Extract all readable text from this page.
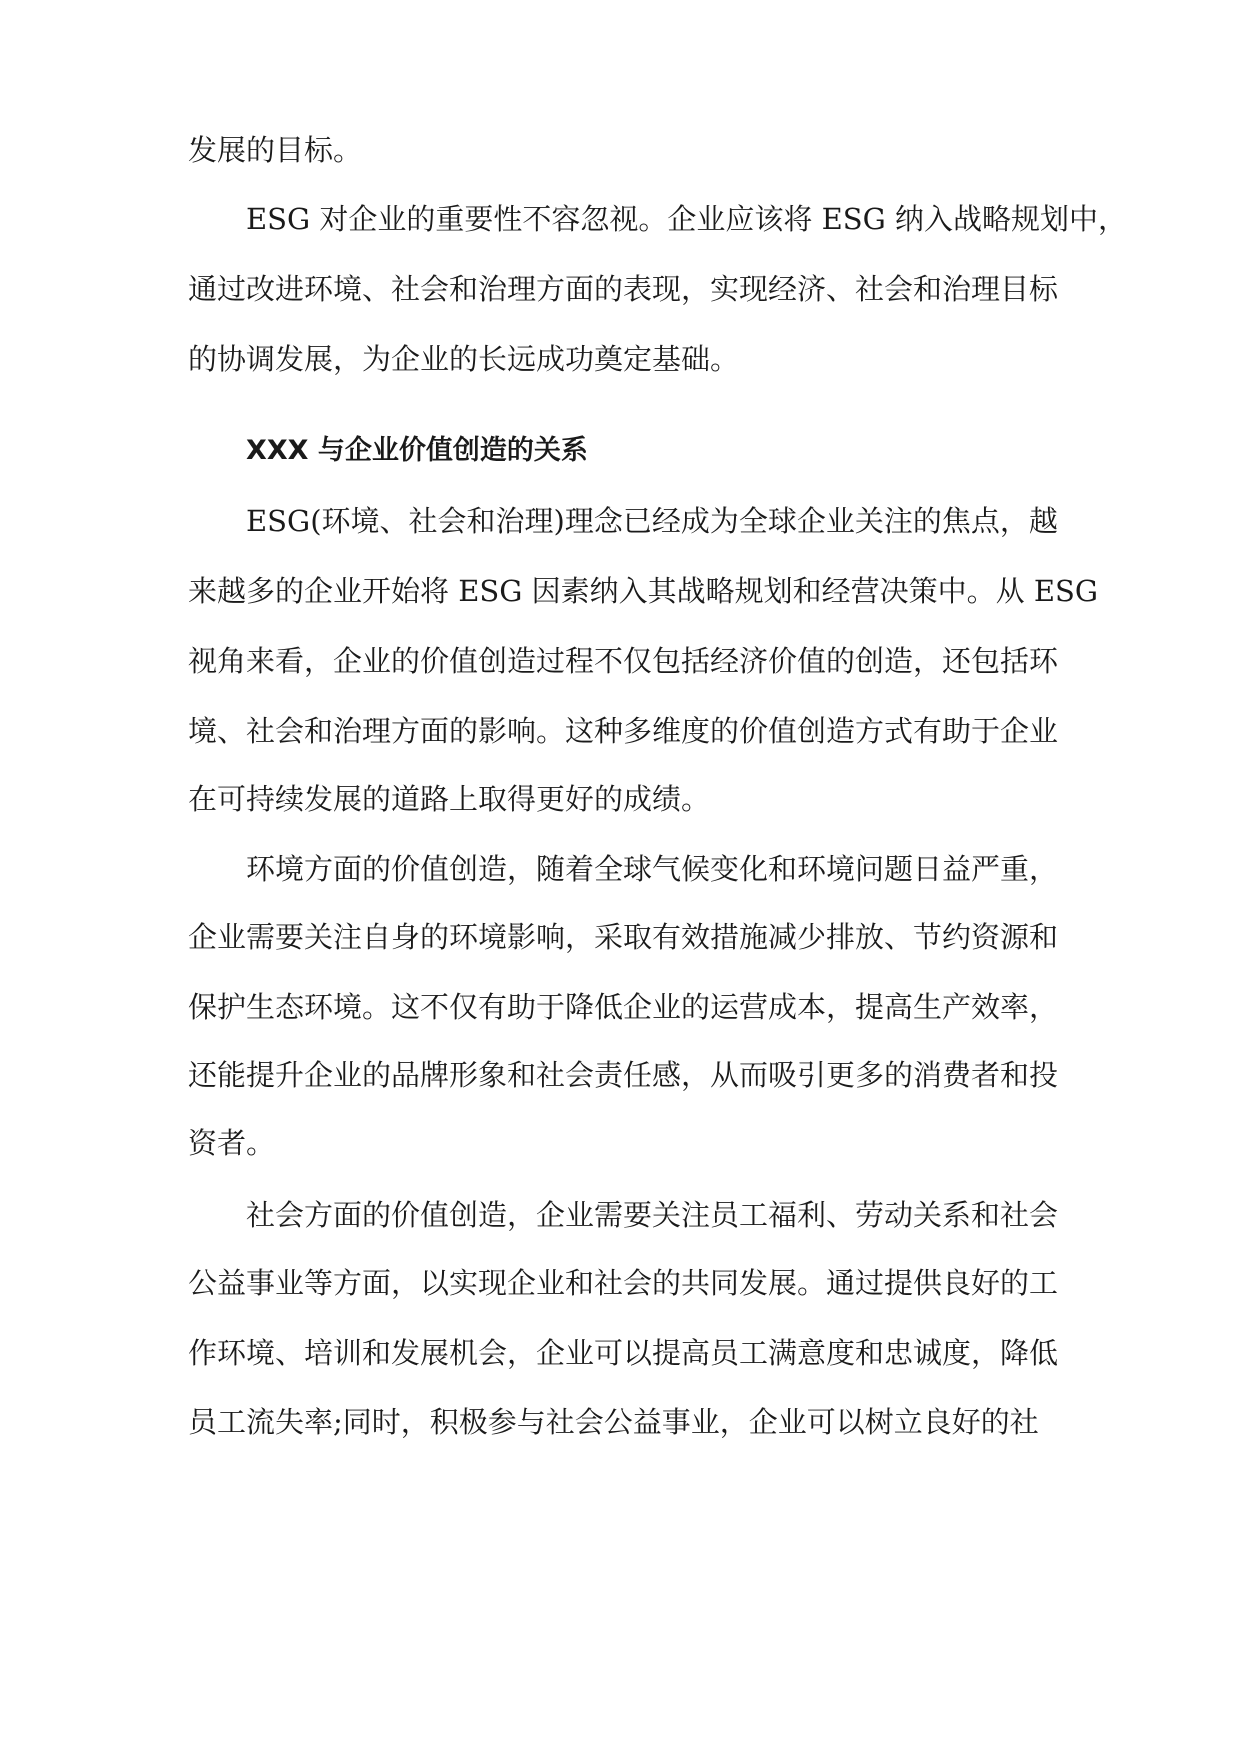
发展的目标。
ESG 对企业的重要性不容忽视。企业应该将 ESG 纳入战略规划中，
通过改进环境、社会和治理方面的表现，实现经济、社会和治理目标
的协调发展，为企业的长远成功奠定基础。
XXX 与企业价值创造的关系
ESG(环境、社会和治理)理念已经成为全球企业关注的焦点，越
来越多的企业开始将 ESG 因素纳入其战略规划和经营决策中。从 ESG
视角来看，企业的价值创造过程不仅包括经济价值的创造，还包括环
境、社会和治理方面的影响。这种多维度的价值创造方式有助于企业
在可持续发展的道路上取得更好的成绩。
环境方面的价值创造，随着全球气候变化和环境问题日益严重，
企业需要关注自身的环境影响，采取有效措施减少排放、节约资源和
保护生态环境。这不仅有助于降低企业的运营成本，提高生产效率，
还能提升企业的品牌形象和社会责任感，从而吸引更多的消费者和投
资者。
社会方面的价值创造，企业需要关注员工福利、劳动关系和社会
公益事业等方面，以实现企业和社会的共同发展。通过提供良好的工
作环境、培训和发展机会，企业可以提高员工满意度和忠诚度，降低
员工流失率;同时，积极参与社会公益事业，企业可以树立良好的社
